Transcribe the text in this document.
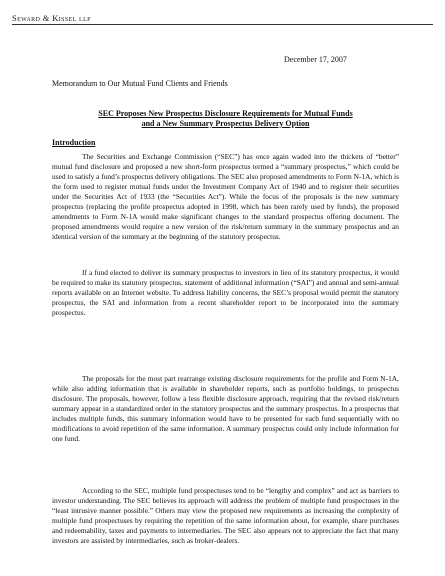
Seward & Kissel llp
December 17, 2007
Memorandum to Our Mutual Fund Clients and Friends
SEC Proposes New Prospectus Disclosure Requirements for Mutual Funds
and a New Summary Prospectus Delivery Option
Introduction

The Securities and Exchange Commission (“SEC”) has once again waded into the thickets of “better” mutual fund disclosure and proposed a new short-form prospectus termed a “summary prospectus,” which could be used to satisfy a fund’s prospectus delivery obligations. The SEC also proposed amendments to Form N-1A, which is the form used to register mutual funds under the Investment Company Act of 1940 and to register their securities under the Securities Act of 1933 (the “Securities Act”). While the focus of the proposals is the new summary prospectus (replacing the profile prospectus adopted in 1998, which has been rarely used by funds), the proposed amendments to Form N-1A would make significant changes to the standard prospectus offering document. The proposed amendments would require a new version of the risk/return summary in the summary prospectus and an identical version of the summary at the beginning of the statutory prospectus.

If a fund elected to deliver its summary prospectus to investors in lieu of its statutory prospectus, it would be required to make its statutory prospectus, statement of additional information (“SAI”) and annual and semi-annual reports available on an Internet website. To address liability concerns, the SEC’s proposal would permit the statutory prospectus, the SAI and information from a recent shareholder report to be incorporated into the summary prospectus.

The proposals for the most part rearrange existing disclosure requirements for the profile and Form N-1A, while also adding information that is available in shareholder reports, such as portfolio holdings, to prospectus disclosure. The proposals, however, follow a less flexible disclosure approach, requiring that the revised risk/return summary appear in a standardized order in the statutory prospectus and the summary prospectus. In a prospectus that includes multiple funds, this summary information would have to be presented for each fund sequentially with no modifications to avoid repetition of the same information. A summary prospectus could only include information for one fund.

According to the SEC, multiple fund prospectuses tend to be “lengthy and complex” and act as barriers to investor understanding. The SEC believes its approach will address the problem of multiple fund prospectuses in the “least intrusive manner possible.” Others may view the proposed new requirements as increasing the complexity of multiple fund prospectuses by requiring the repetition of the same information about, for example, share purchases and redeemability, taxes and payments to intermediaries. The SEC also appears not to appreciate the fact that many investors are assisted by intermediaries, such as broker-dealers.
